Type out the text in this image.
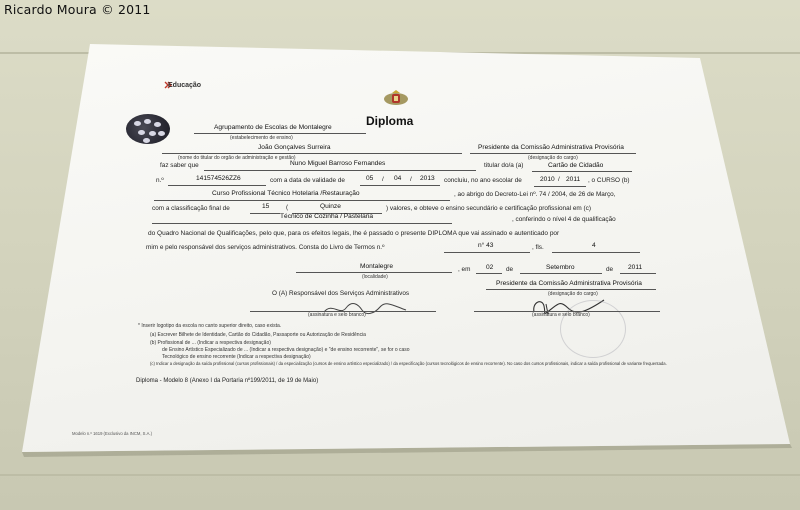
Ricardo Moura © 2011
Educação
Diploma
Agrupamento de Escolas de Montalegre
(estabelecimento de ensino)
João Gonçalves Surreira
(nome do titular do orgão de administração e gestão)
Presidente da Comissão Administrativa Provisória
(designação do cargo)
faz saber que	Nuno Miguel Barroso Fernandes	titular do/a (a)	Cartão de Cidadão
n.º	141574526ZZ6	com a data de validade de	05 / 04 / 2013 concluiu, no ano escolar de	2010 / 2011 , o CURSO (b)
Curso Profissional Técnico Hotelaria /Restauração	, ao abrigo do Decreto-Lei nº. 74 / 2004, de 26 de Março,
com a classificação final de	15	(	Quinze	) valores, e obteve o ensino secundário e certificação profissional em (c)
Técnico de Cozinha / Pastelaria	, conferindo o nível 4 de qualificação
do Quadro Nacional de Qualificações, pelo que, para os efeitos legais, lhe é passado o presente DIPLOMA que vai assinado e autenticado por
mim e pelo responsável dos serviços administrativos. Consta do Livro de Termos n.º	n° 43	, fls.	4
Montalegre
(localidade)
, em 02 de	Setembro	de 2011
Presidente da Comissão Administrativa Provisória
(designação do cargo)
O (A) Responsável dos Serviços Administrativos
(assinatura e selo branco)	(assinatura e selo branco)
* Inserir logotipo da escola no canto superior direito, caso exista.
(a) Escrever Bilhete de Identidade, Cartão do Cidadão, Passaporte ou Autorização de Residência
(b) Profissional de ... (Indicar a respectiva designação)
de Ensino Artístico Especializado de ... (Indicar a respectiva designação) e "de ensino recorrente", se for o caso
Tecnológico de ensino recorrente (Indicar a respectiva designação)
(c) Indicar a designação da saída profissional (cursos profissionais) / da especialização (cursos de ensino artístico especializado) / da especificação (cursos tecnológicos de ensino recorrente). No caso dos cursos profissionais, indicar a saída profissional de variante frequentada.
Diploma - Modelo 8 (Anexo I da Portaria nº199/2011, de 19 de Maio)
Modelo n.º 1619 (Exclusivo da INCM, S.A.)
